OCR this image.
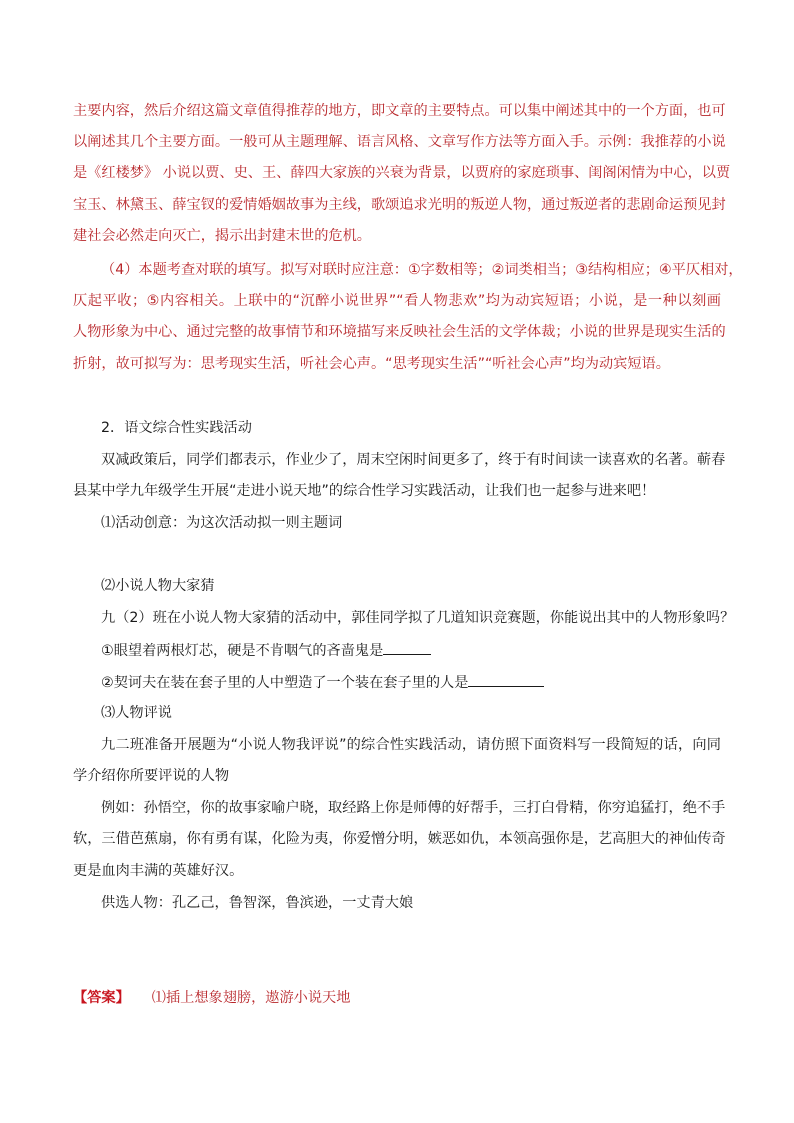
主要内容，然后介绍这篇文章值得推荐的地方，即文章的主要特点。可以集中阐述其中的一个方面，也可
以阐述其几个主要方面。一般可从主题理解、语言风格、文章写作方法等方面入手。示例：我推荐的小说
是《红楼梦》 小说以贾、史、王、薛四大家族的兴衰为背景，以贾府的家庭琐事、闺阁闲情为中心，以贾
宝玉、林黛玉、薛宝钗的爱情婚姻故事为主线，歌颂追求光明的叛逆人物，通过叛逆者的悲剧命运预见封
建社会必然走向灭亡，揭示出封建末世的危机。
（4）本题考查对联的填写。拟写对联时应注意：①字数相等；②词类相当；③结构相应；④平仄相对，
仄起平收；⑤内容相关。上联中的“沉醉小说世界”“看人物悲欢”均为动宾短语；小说，是一种以刻画
人物形象为中心、通过完整的故事情节和环境描写来反映社会生活的文学体裁；小说的世界是现实生活的
折射，故可拟写为：思考现实生活，听社会心声。“思考现实生活”“听社会心声”均为动宾短语。
2．语文综合性实践活动
双减政策后，同学们都表示，作业少了，周末空闲时间更多了，终于有时间读一读喜欢的名著。蕲春
县某中学九年级学生开展“走进小说天地”的综合性学习实践活动，让我们也一起参与进来吧！
⑴活动创意：为这次活动拟一则主题词
⑵小说人物大家猜
九（2）班在小说人物大家猜的活动中，郭佳同学拟了几道知识竞赛题，你能说出其中的人物形象吗？
①眼望着两根灯芯，硬是不肯咽气的吝啬鬼是
②契诃夫在装在套子里的人中塑造了一个装在套子里的人是
⑶人物评说
九二班准备开展题为“小说人物我评说”的综合性实践活动，请仿照下面资料写一段简短的话，向同
学介绍你所要评说的人物
例如：孙悟空，你的故事家喻户晓，取经路上你是师傅的好帮手，三打白骨精，你穷追猛打，绝不手
软，三借芭蕉扇，你有勇有谋，化险为夷，你爱憎分明，嫉恶如仇，本领高强你是，艺高胆大的神仙传奇
更是血肉丰满的英雄好汉。
供选人物：孔乙己，鲁智深，鲁滨逊，一丈青大娘
【答案】 ⑴插上想象翅膀，遨游小说天地
